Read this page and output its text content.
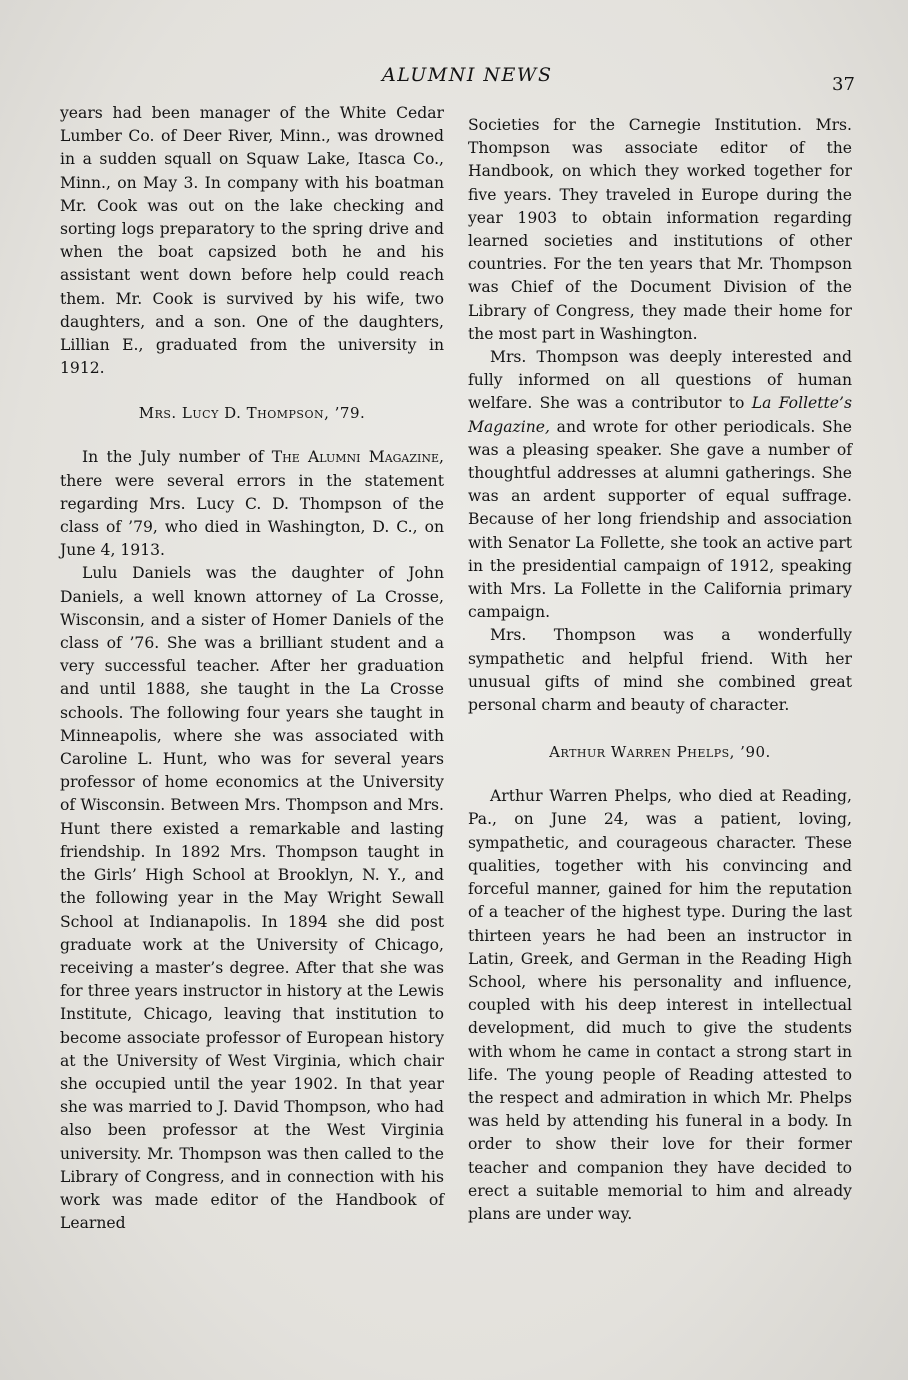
ALUMNI NEWS	37

years had been manager of the White Cedar Lumber Co. of Deer River, Minn., was drowned in a sudden squall on Squaw Lake, Itasca Co., Minn., on May 3. In company with his boatman Mr. Cook was out on the lake checking and sorting logs preparatory to the spring drive and when the boat capsized both he and his assistant went down before help could reach them. Mr. Cook is survived by his wife, two daughters, and a son. One of the daughters, Lillian E., graduated from the university in 1912.

Mrs. Lucy D. Thompson, ’79.

In the July number of The Alumni Magazine, there were several errors in the statement regarding Mrs. Lucy C. D. Thompson of the class of ’79, who died in Washington, D. C., on June 4, 1913.

Lulu Daniels was the daughter of John Daniels, a well known attorney of La Crosse, Wisconsin, and a sister of Homer Daniels of the class of ’76. She was a brilliant student and a very successful teacher. After her graduation and until 1888, she taught in the La Crosse schools. The following four years she taught in Minneapolis, where she was associated with Caroline L. Hunt, who was for several years professor of home economics at the University of Wisconsin. Between Mrs. Thompson and Mrs. Hunt there existed a remarkable and lasting friendship. In 1892 Mrs. Thompson taught in the Girls’ High School at Brooklyn, N. Y., and the following year in the May Wright Sewall School at Indianapolis. In 1894 she did post graduate work at the University of Chicago, receiving a master’s degree. After that she was for three years instructor in history at the Lewis Institute, Chicago, leaving that institution to become associate professor of European history at the University of West Virginia, which chair she occupied until the year 1902. In that year she was married to J. David Thompson, who had also been professor at the West Virginia university. Mr. Thompson was then called to the Library of Congress, and in connection with his work was made editor of the Handbook of Learned

Societies for the Carnegie Institution. Mrs. Thompson was associate editor of the Handbook, on which they worked together for five years. They traveled in Europe during the year 1903 to obtain information regarding learned societies and institutions of other countries. For the ten years that Mr. Thompson was Chief of the Document Division of the Library of Congress, they made their home for the most part in Washington.

Mrs. Thompson was deeply interested and fully informed on all questions of human welfare. She was a contributor to La Follette’s Magazine, and wrote for other periodicals. She was a pleasing speaker. She gave a number of thoughtful addresses at alumni gatherings. She was an ardent supporter of equal suffrage. Because of her long friendship and association with Senator La Follette, she took an active part in the presidential campaign of 1912, speaking with Mrs. La Follette in the California primary campaign.

Mrs. Thompson was a wonderfully sympathetic and helpful friend. With her unusual gifts of mind she combined great personal charm and beauty of character.

Arthur Warren Phelps, ’90.

Arthur Warren Phelps, who died at Reading, Pa., on June 24, was a patient, loving, sympathetic, and courageous character. These qualities, together with his convincing and forceful manner, gained for him the reputation of a teacher of the highest type. During the last thirteen years he had been an instructor in Latin, Greek, and German in the Reading High School, where his personality and influence, coupled with his deep interest in intellectual development, did much to give the students with whom he came in contact a strong start in life. The young people of Reading attested to the respect and admiration in which Mr. Phelps was held by attending his funeral in a body. In order to show their love for their former teacher and companion they have decided to erect a suitable memorial to him and already plans are under way.
